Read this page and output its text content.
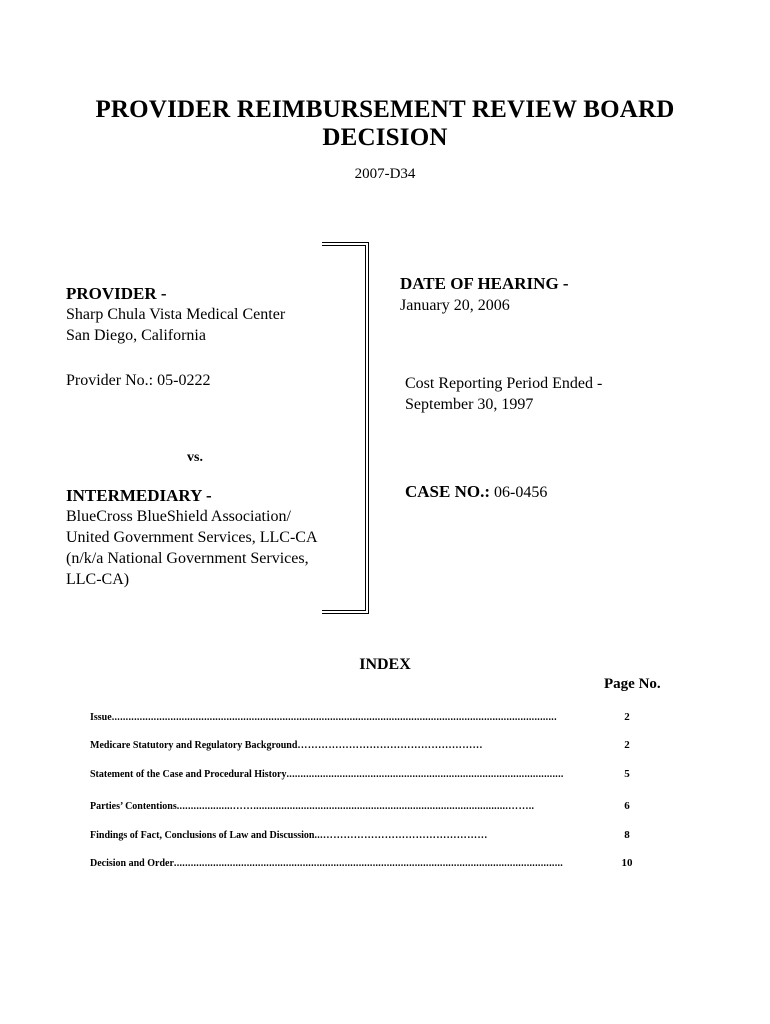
PROVIDER REIMBURSEMENT REVIEW BOARD
DECISION
2007-D34
PROVIDER -
Sharp Chula Vista Medical Center
San Diego, California
Provider No.: 05-0222
vs.
INTERMEDIARY -
BlueCross BlueShield Association/
United Government Services, LLC-CA
(n/k/a National Government Services,
LLC-CA)
DATE OF HEARING -
January 20, 2006
Cost Reporting Period Ended -
September 30, 1997
CASE NO.: 06-0456
INDEX
Page No.
Issue...............................................................................................................................................................	2
Medicare Statutory and Regulatory Background………………………………………………	2
Statement of the Case and Procedural History...................................................................................................	5
Parties’ Contentions....................……...........................................................................................……..	6
Findings of Fact, Conclusions of Law and Discussion...…………………………………………	8
Decision and Order...........................................................................................................................................	10
